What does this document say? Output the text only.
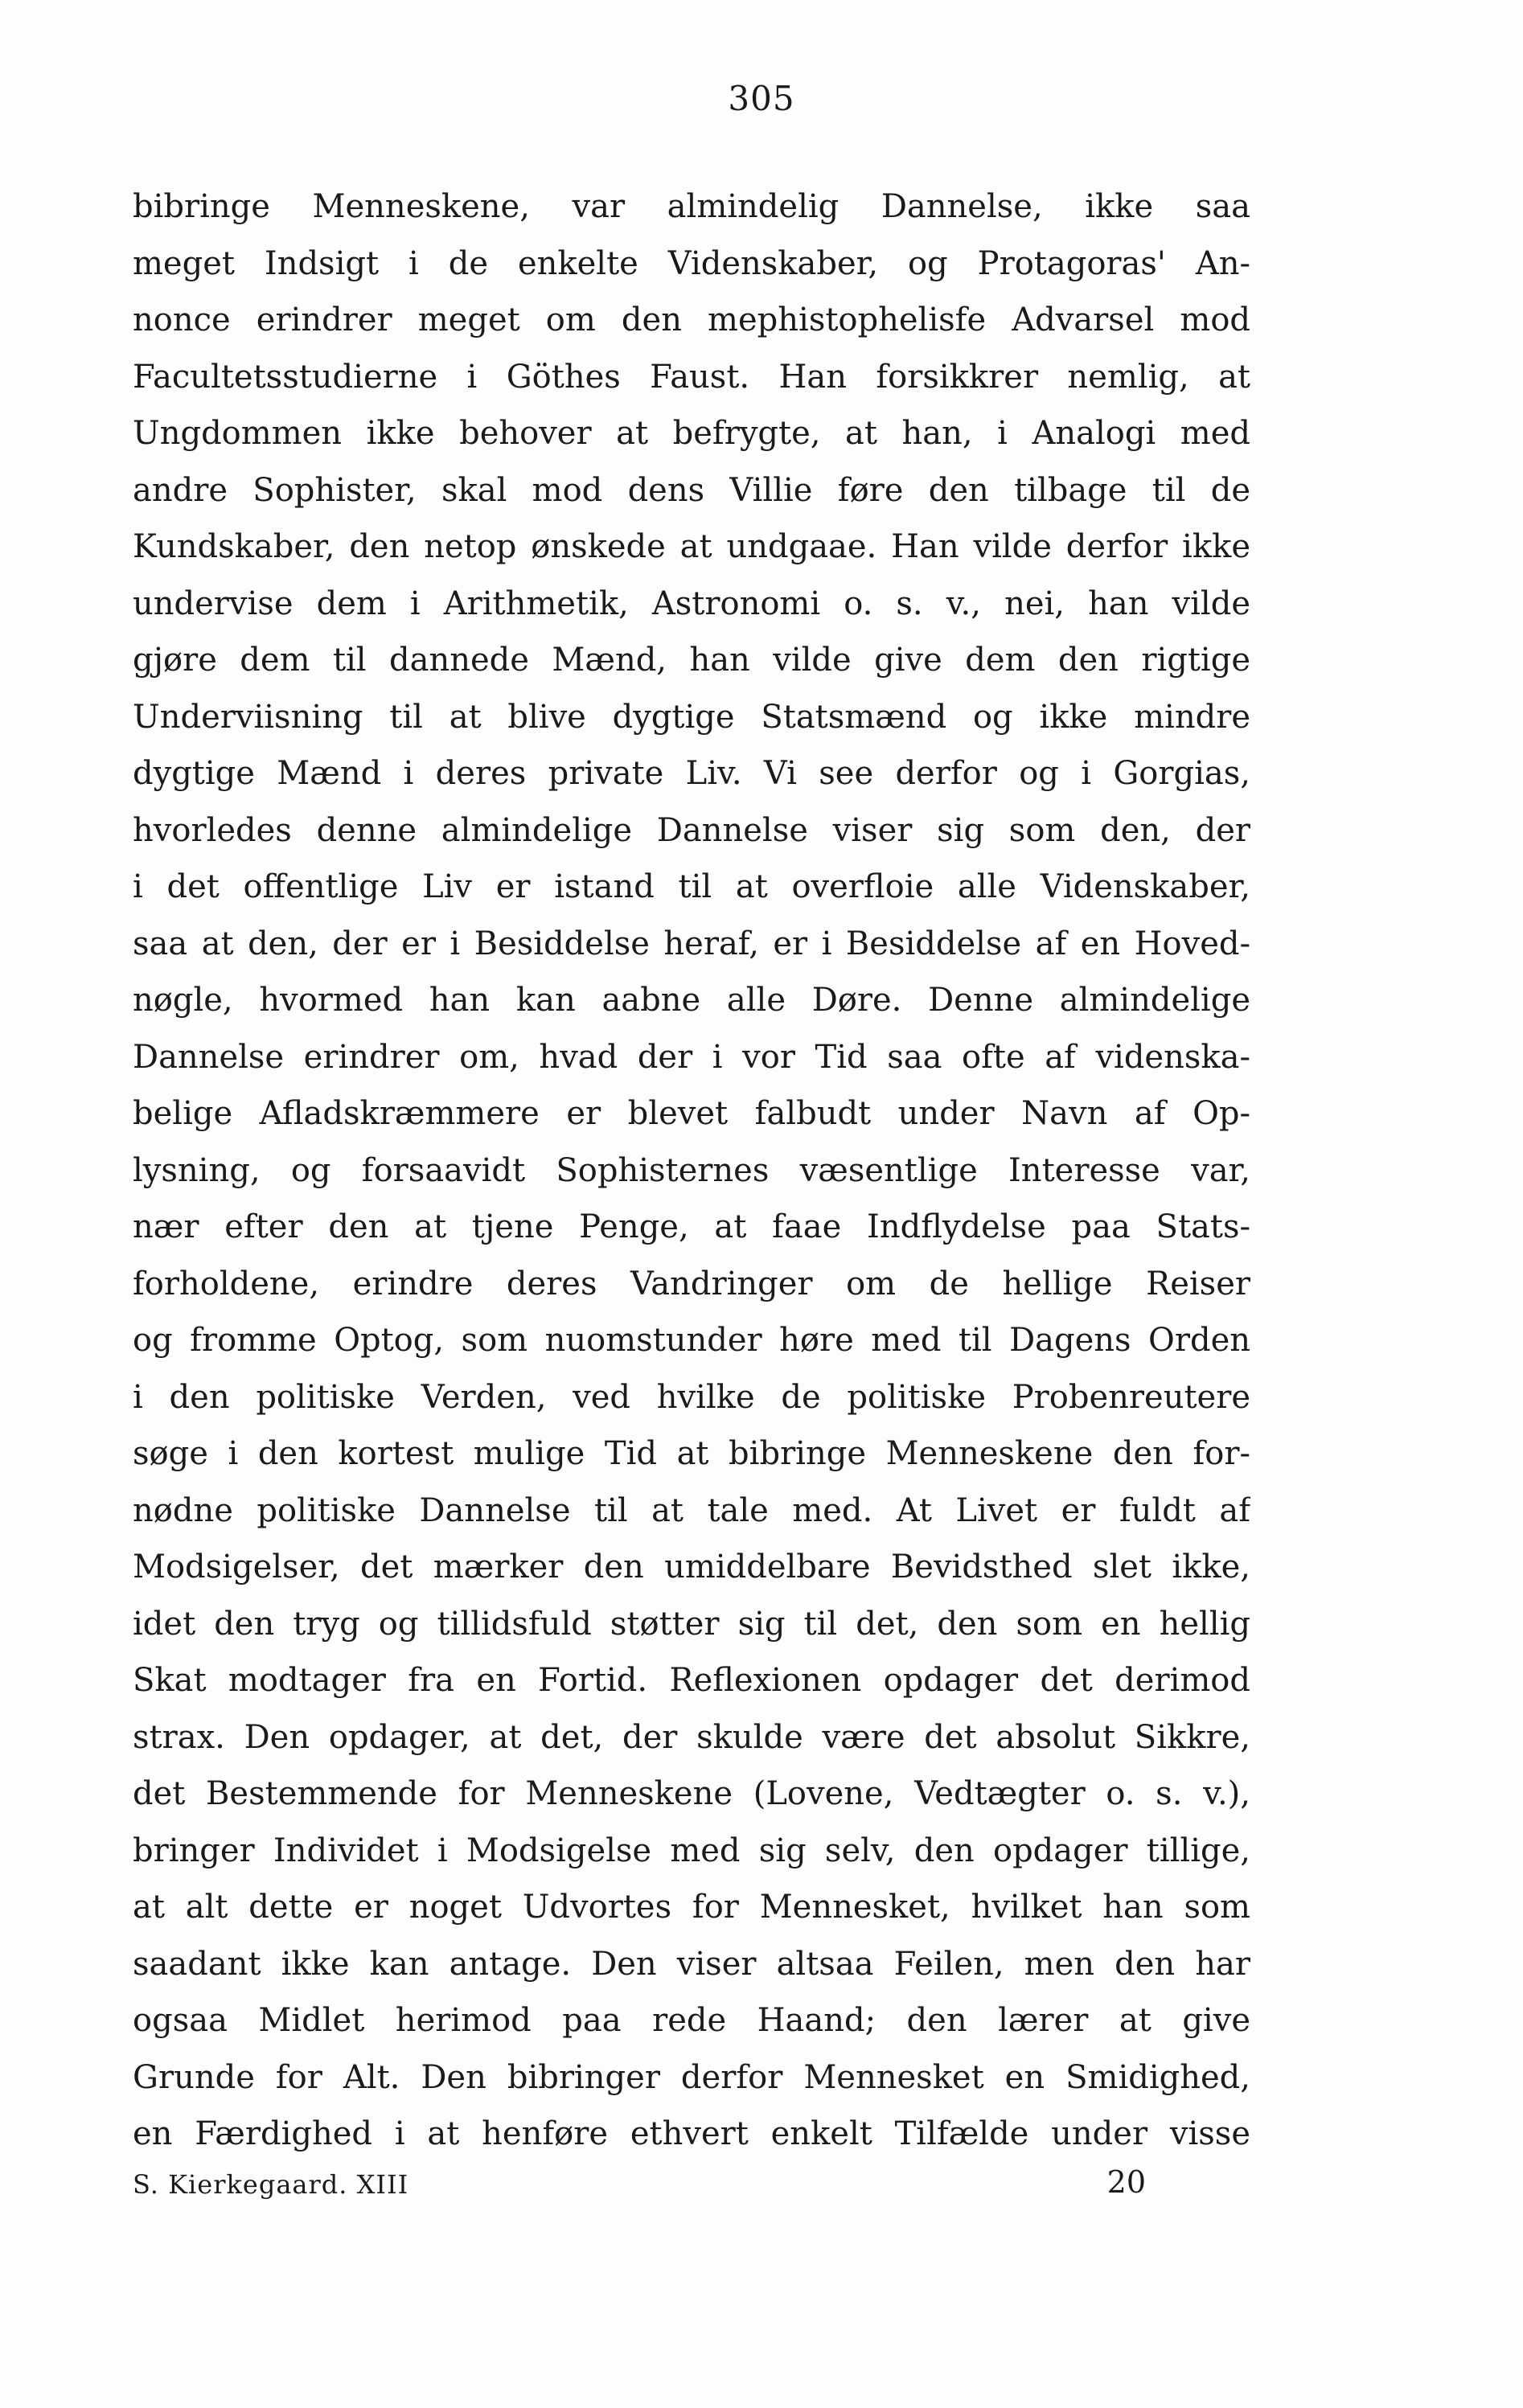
305
bibringe Menneskene, var almindelig Dannelse, ikke saa
meget Indsigt i de enkelte Videnskaber, og Protagoras' An-
nonce erindrer meget om den mephistophelisfe Advarsel mod
Facultetsstudierne i Göthes Faust. Han forsikkrer nemlig, at
Ungdommen ikke behover at befrygte, at han, i Analogi med
andre Sophister, skal mod dens Villie føre den tilbage til de
Kundskaber, den netop ønskede at undgaae. Han vilde derfor ikke
undervise dem i Arithmetik, Astronomi o. s. v., nei, han vilde
gjøre dem til dannede Mænd, han vilde give dem den rigtige
Underviisning til at blive dygtige Statsmænd og ikke mindre
dygtige Mænd i deres private Liv. Vi see derfor og i Gorgias,
hvorledes denne almindelige Dannelse viser sig som den, der
i det offentlige Liv er istand til at overfloie alle Videnskaber,
saa at den, der er i Besiddelse heraf, er i Besiddelse af en Hoved-
nøgle, hvormed han kan aabne alle Døre. Denne almindelige
Dannelse erindrer om, hvad der i vor Tid saa ofte af videnska-
belige Afladskræmmere er blevet falbudt under Navn af Op-
lysning, og forsaavidt Sophisternes væsentlige Interesse var,
nær efter den at tjene Penge, at faae Indflydelse paa Stats-
forholdene, erindre deres Vandringer om de hellige Reiser
og fromme Optog, som nuomstunder høre med til Dagens Orden
i den politiske Verden, ved hvilke de politiske Probenreutere
søge i den kortest mulige Tid at bibringe Menneskene den for-
nødne politiske Dannelse til at tale med. At Livet er fuldt af
Modsigelser, det mærker den umiddelbare Bevidsthed slet ikke,
idet den tryg og tillidsfuld støtter sig til det, den som en hellig
Skat modtager fra en Fortid. Reflexionen opdager det derimod
strax. Den opdager, at det, der skulde være det absolut Sikkre,
det Bestemmende for Menneskene (Lovene, Vedtægter o. s. v.),
bringer Individet i Modsigelse med sig selv, den opdager tillige,
at alt dette er noget Udvortes for Mennesket, hvilket han som
saadant ikke kan antage. Den viser altsaa Feilen, men den har
ogsaa Midlet herimod paa rede Haand; den lærer at give
Grunde for Alt. Den bibringer derfor Mennesket en Smidighed,
en Færdighed i at henføre ethvert enkelt Tilfælde under visse
S. Kierkegaard. XIII	20
